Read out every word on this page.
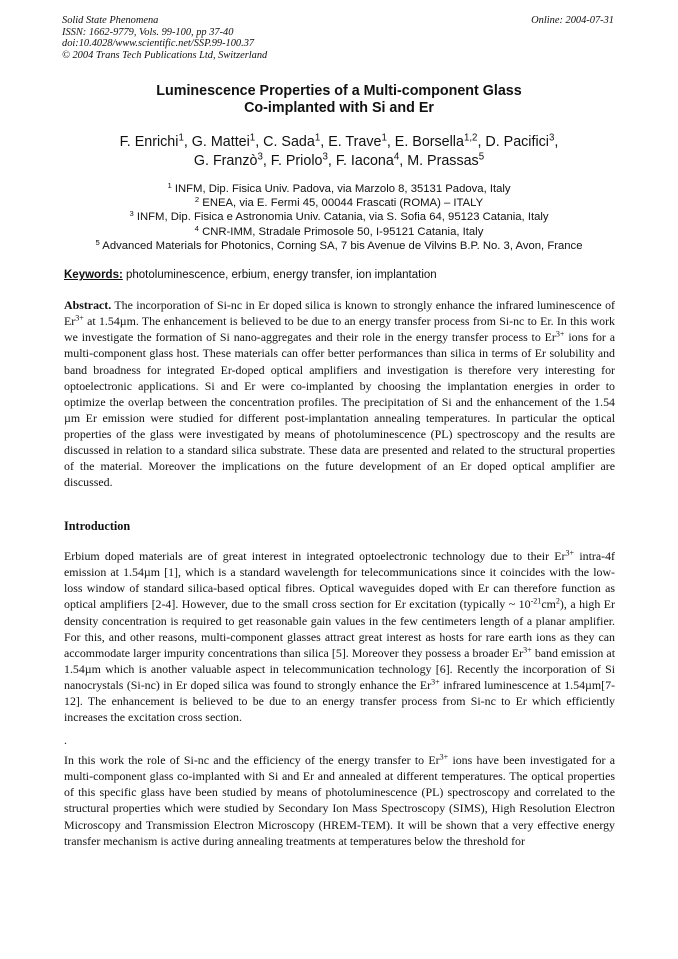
Solid State Phenomena
ISSN: 1662-9779, Vols. 99-100, pp 37-40
doi:10.4028/www.scientific.net/SSP.99-100.37
© 2004 Trans Tech Publications Ltd, Switzerland
Online: 2004-07-31
Luminescence Properties of a Multi-component Glass
Co-implanted with Si and Er
F. Enrichi$^1$, G. Mattei$^1$, C. Sada$^1$, E. Trave$^1$, E. Borsella$^{1,2}$, D. Pacifici$^3$,
G. Franzò$^3$, F. Priolo$^3$, F. Iacona$^4$, M. Prassas$^5$
$^1$ INFM, Dip. Fisica Univ. Padova, via Marzolo 8, 35131 Padova, Italy
$^2$ ENEA, via E. Fermi 45, 00044 Frascati (ROMA) – ITALY
$^3$ INFM, Dip. Fisica e Astronomia Univ. Catania, via S. Sofia 64, 95123 Catania, Italy
$^4$ CNR-IMM, Stradale Primosole 50, I-95121 Catania, Italy
$^5$ Advanced Materials for Photonics, Corning SA, 7 bis Avenue de Vilvins B.P. No. 3, Avon, France
Keywords: photoluminescence, erbium, energy transfer, ion implantation
Abstract. The incorporation of Si-nc in Er doped silica is known to strongly enhance the infrared luminescence of $Er^{3+}$ at 1.54µm. The enhancement is believed to be due to an energy transfer process from Si-nc to Er. In this work we investigate the formation of Si nano-aggregates and their role in the energy transfer process to $Er^{3+}$ ions for a multi-component glass host. These materials can offer better performances than silica in terms of Er solubility and band broadness for integrated Er-doped optical amplifiers and investigation is therefore very interesting for optoelectronic applications. Si and Er were co-implanted by choosing the implantation energies in order to optimize the overlap between the concentration profiles. The precipitation of Si and the enhancement of the 1.54 µm Er emission were studied for different post-implantation annealing temperatures. In particular the optical properties of the glass were investigated by means of photoluminescence (PL) spectroscopy and the results are discussed in relation to a standard silica substrate. These data are presented and related to the structural properties of the material. Moreover the implications on the future development of an Er doped optical amplifier are discussed.
Introduction
Erbium doped materials are of great interest in integrated optoelectronic technology due to their $Er^{3+}$ intra-4f emission at 1.54µm [1], which is a standard wavelength for telecommunications since it coincides with the low-loss window of standard silica-based optical fibres. Optical waveguides doped with Er can therefore function as optical amplifiers [2-4]. However, due to the small cross section for Er excitation (typically ~ $10^{-21}cm^2$), a high Er density concentration is required to get reasonable gain values in the few centimeters length of a planar amplifier. For this, and other reasons, multi-component glasses attract great interest as hosts for rare earth ions as they can accommodate larger impurity concentrations than silica [5]. Moreover they possess a broader $Er^{3+}$ band emission at 1.54µm which is another valuable aspect in telecommunication technology [6]. Recently the incorporation of Si nanocrystals (Si-nc) in Er doped silica was found to strongly enhance the $Er^{3+}$ infrared luminescence at 1.54µm[7-12]. The enhancement is believed to be due to an energy transfer process from Si-nc to Er which efficiently increases the excitation cross section.
.
In this work the role of Si-nc and the efficiency of the energy transfer to $Er^{3+}$ ions have been investigated for a multi-component glass co-implanted with Si and Er and annealed at different temperatures. The optical properties of this specific glass have been studied by means of photoluminescence (PL) spectroscopy and correlated to the structural properties which were studied by Secondary Ion Mass Spectroscopy (SIMS), High Resolution Electron Microscopy and Transmission Electron Microscopy (HREM-TEM). It will be shown that a very effective energy transfer mechanism is active during annealing treatments at temperatures below the threshold for
